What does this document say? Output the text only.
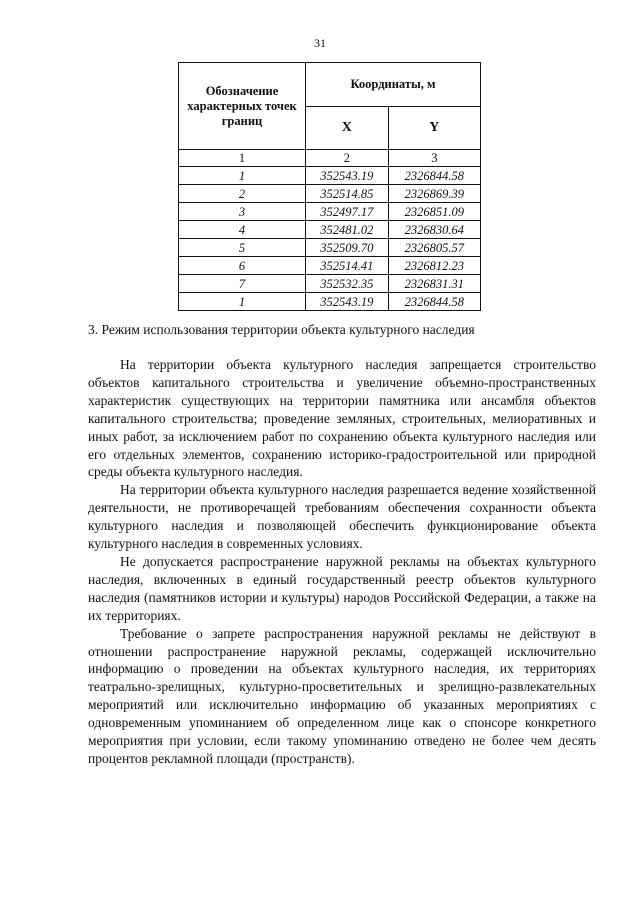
31
Обозначение характерных точек границ	Координаты, м	
	X	Y
1	2	3
1	352543.19	2326844.58
2	352514.85	2326869.39
3	352497.17	2326851.09
4	352481.02	2326830.64
5	352509.70	2326805.57
6	352514.41	2326812.23
7	352532.35	2326831.31
1	352543.19	2326844.58
3. Режим использования территории объекта культурного наследия

На территории объекта культурного наследия запрещается строительство объектов капитального строительства и увеличение объемно-пространственных характеристик существующих на территории памятника или ансамбля объектов капитального строительства; проведение земляных, строительных, мелиоративных и иных работ, за исключением работ по сохранению объекта культурного наследия или его отдельных элементов, сохранению историко-градостроительной или природной среды объекта культурного наследия.

На территории объекта культурного наследия разрешается ведение хозяйственной деятельности, не противоречащей требованиям обеспечения сохранности объекта культурного наследия и позволяющей обеспечить функционирование объекта культурного наследия в современных условиях.

Не допускается распространение наружной рекламы на объектах культурного наследия, включенных в единый государственный реестр объектов культурного наследия (памятников истории и культуры) народов Российской Федерации, а также на их территориях.

Требование о запрете распространения наружной рекламы не действуют в отношении распространение наружной рекламы, содержащей исключительно информацию о проведении на объектах культурного наследия, их территориях театрально-зрелищных, культурно-просветительных и зрелищно-развлекательных мероприятий или исключительно информацию об указанных мероприятиях с одновременным упоминанием об определенном лице как о спонсоре конкретного мероприятия при условии, если такому упоминанию отведено не более чем десять процентов рекламной площади (пространств).
